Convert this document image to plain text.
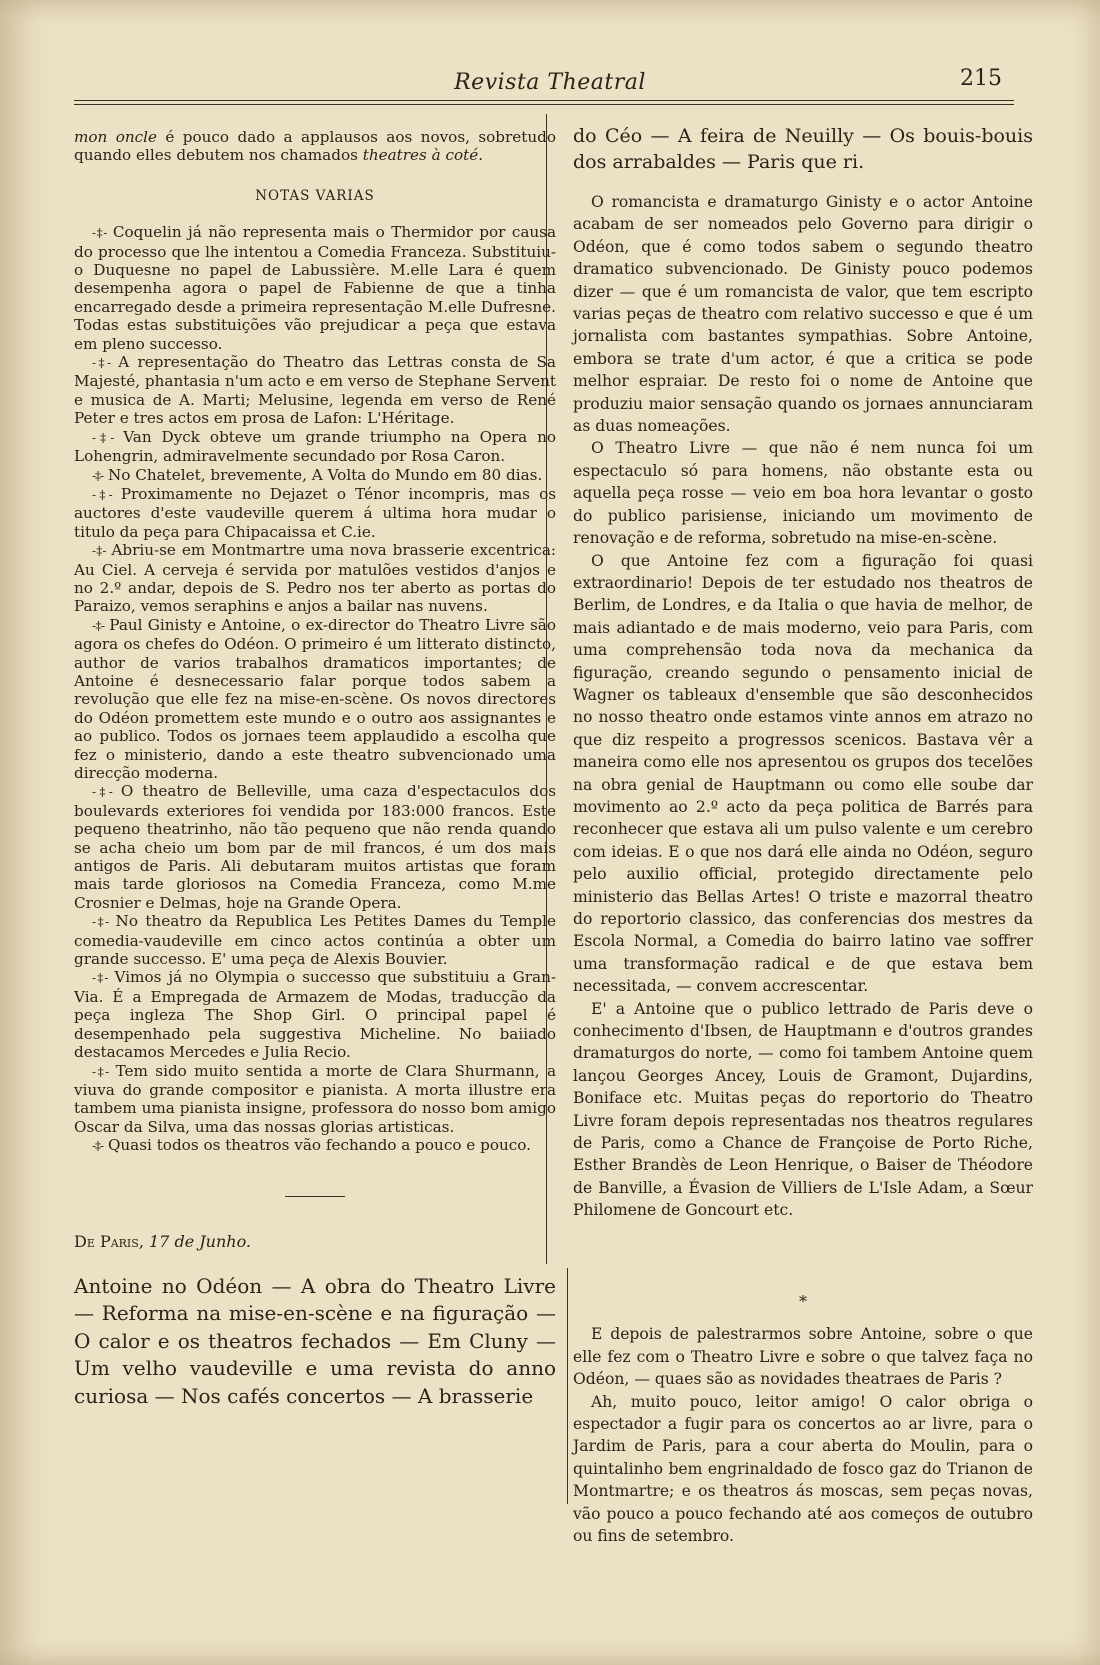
Revista Theatral	215

mon oncle é pouco dado a applausos aos novos, sobretudo quando elles debutem nos chamados theatres à coté.

NOTAS VARIAS

-‡- Coquelin já não representa mais o Thermidor por causa do processo que lhe intentou a Comedia Franceza. Substituiu-o Duquesne no papel de Labussière. M.elle Lara é quem desempenha agora o papel de Fabienne de que a tinha encarregado desde a primeira representação M.elle Dufresne. Todas estas substituições vão prejudicar a peça que estava em pleno successo.

-‡- A representação do Theatro das Lettras consta de Sa Majesté, phantasia n'um acto e em verso de Stephane Servent e musica de A. Marti; Melusine, legenda em verso de René Peter e tres actos em prosa de Lafon: L'Héritage.

-‡- Van Dyck obteve um grande triumpho na Opera no Lohengrin, admiravelmente secundado por Rosa Caron.

-‡- No Chatelet, brevemente, A Volta do Mundo em 80 dias.

-‡- Proximamente no Dejazet o Ténor incompris, mas os auctores d'este vaudeville querem á ultima hora mudar o titulo da peça para Chipacaissa et C.ie.

-‡- Abriu-se em Montmartre uma nova brasserie excentrica: Au Ciel. A cerveja é servida por matulões vestidos d'anjos e no 2.º andar, depois de S. Pedro nos ter aberto as portas do Paraizo, vemos seraphins e anjos a bailar nas nuvens.

-‡- Paul Ginisty e Antoine, o ex-director do Theatro Livre são agora os chefes do Odéon. O primeiro é um litterato distincto, author de varios trabalhos dramaticos importantes; de Antoine é desnecessario falar porque todos sabem a revolução que elle fez na mise-en-scène. Os novos directores do Odéon promettem este mundo e o outro aos assignantes e ao publico. Todos os jornaes teem applaudido a escolha que fez o ministerio, dando a este theatro subvencionado uma direcção moderna.

-‡- O theatro de Belleville, uma caza d'espectaculos dos boulevards exteriores foi vendida por 183:000 francos. Este pequeno theatrinho, não tão pequeno que não renda quando se acha cheio um bom par de mil francos, é um dos mais antigos de Paris. Ali debutaram muitos artistas que foram mais tarde gloriosos na Comedia Franceza, como M.me Crosnier e Delmas, hoje na Grande Opera.

-‡- No theatro da Republica Les Petites Dames du Temple comedia-vaudeville em cinco actos continúa a obter um grande successo. E' uma peça de Alexis Bouvier.

-‡- Vimos já no Olympia o successo que substituiu a Gran-Via. É a Empregada de Armazem de Modas, traducção da peça ingleza The Shop Girl. O principal papel é desempenhado pela suggestiva Micheline. No baiiado destacamos Mercedes e Julia Recio.

-‡- Tem sido muito sentida a morte de Clara Shurmann, a viuva do grande compositor e pianista. A morta illustre era tambem uma pianista insigne, professora do nosso bom amigo Oscar da Silva, uma das nossas glorias artisticas.

-‡- Quasi todos os theatros vão fechando a pouco e pouco.

De Paris, 17 de Junho.

Antoine no Odéon — A obra do Theatro Livre — Reforma na mise-en-scène e na figuração — O calor e os theatros fechados — Em Cluny — Um velho vaudeville e uma revista do anno curiosa — Nos cafés concertos — A brasserie

do Céo — A feira de Neuilly — Os bouis-bouis dos arrabaldes — Paris que ri.

O romancista e dramaturgo Ginisty e o actor Antoine acabam de ser nomeados pelo Governo para dirigir o Odéon, que é como todos sabem o segundo theatro dramatico subvencionado. De Ginisty pouco podemos dizer — que é um romancista de valor, que tem escripto varias peças de theatro com relativo successo e que é um jornalista com bastantes sympathias. Sobre Antoine, embora se trate d'um actor, é que a critica se pode melhor espraiar. De resto foi o nome de Antoine que produziu maior sensação quando os jornaes annunciaram as duas nomeações.

O Theatro Livre — que não é nem nunca foi um espectaculo só para homens, não obstante esta ou aquella peça rosse — veio em boa hora levantar o gosto do publico parisiense, iniciando um movimento de renovação e de reforma, sobretudo na mise-en-scène.

O que Antoine fez com a figuração foi quasi extraordinario! Depois de ter estudado nos theatros de Berlim, de Londres, e da Italia o que havia de melhor, de mais adiantado e de mais moderno, veio para Paris, com uma comprehensão toda nova da mechanica da figuração, creando segundo o pensamento inicial de Wagner os tableaux d'ensemble que são desconhecidos no nosso theatro onde estamos vinte annos em atrazo no que diz respeito a progressos scenicos. Bastava vêr a maneira como elle nos apresentou os grupos dos tecelões na obra genial de Hauptmann ou como elle soube dar movimento ao 2.º acto da peça politica de Barrés para reconhecer que estava ali um pulso valente e um cerebro com ideias. E o que nos dará elle ainda no Odéon, seguro pelo auxilio official, protegido directamente pelo ministerio das Bellas Artes! O triste e mazorral theatro do reportorio classico, das conferencias dos mestres da Escola Normal, a Comedia do bairro latino vae soffrer uma transformação radical e de que estava bem necessitada, — convem accrescentar.

E' a Antoine que o publico lettrado de Paris deve o conhecimento d'Ibsen, de Hauptmann e d'outros grandes dramaturgos do norte, — como foi tambem Antoine quem lançou Georges Ancey, Louis de Gramont, Dujardins, Boniface etc. Muitas peças do reportorio do Theatro Livre foram depois representadas nos theatros regulares de Paris, como a Chance de Françoise de Porto Riche, Esther Brandès de Leon Henrique, o Baiser de Théodore de Banville, a Évasion de Villiers de L'Isle Adam, a Sœur Philomene de Goncourt etc.

*

E depois de palestrarmos sobre Antoine, sobre o que elle fez com o Theatro Livre e sobre o que talvez faça no Odéon, — quaes são as novidades theatraes de Paris ?

Ah, muito pouco, leitor amigo! O calor obriga o espectador a fugir para os concertos ao ar livre, para o Jardim de Paris, para a cour aberta do Moulin, para o quintalinho bem engrinaldado de fosco gaz do Trianon de Montmartre; e os theatros ás moscas, sem peças novas, vão pouco a pouco fechando até aos começos de outubro ou fins de setembro.
